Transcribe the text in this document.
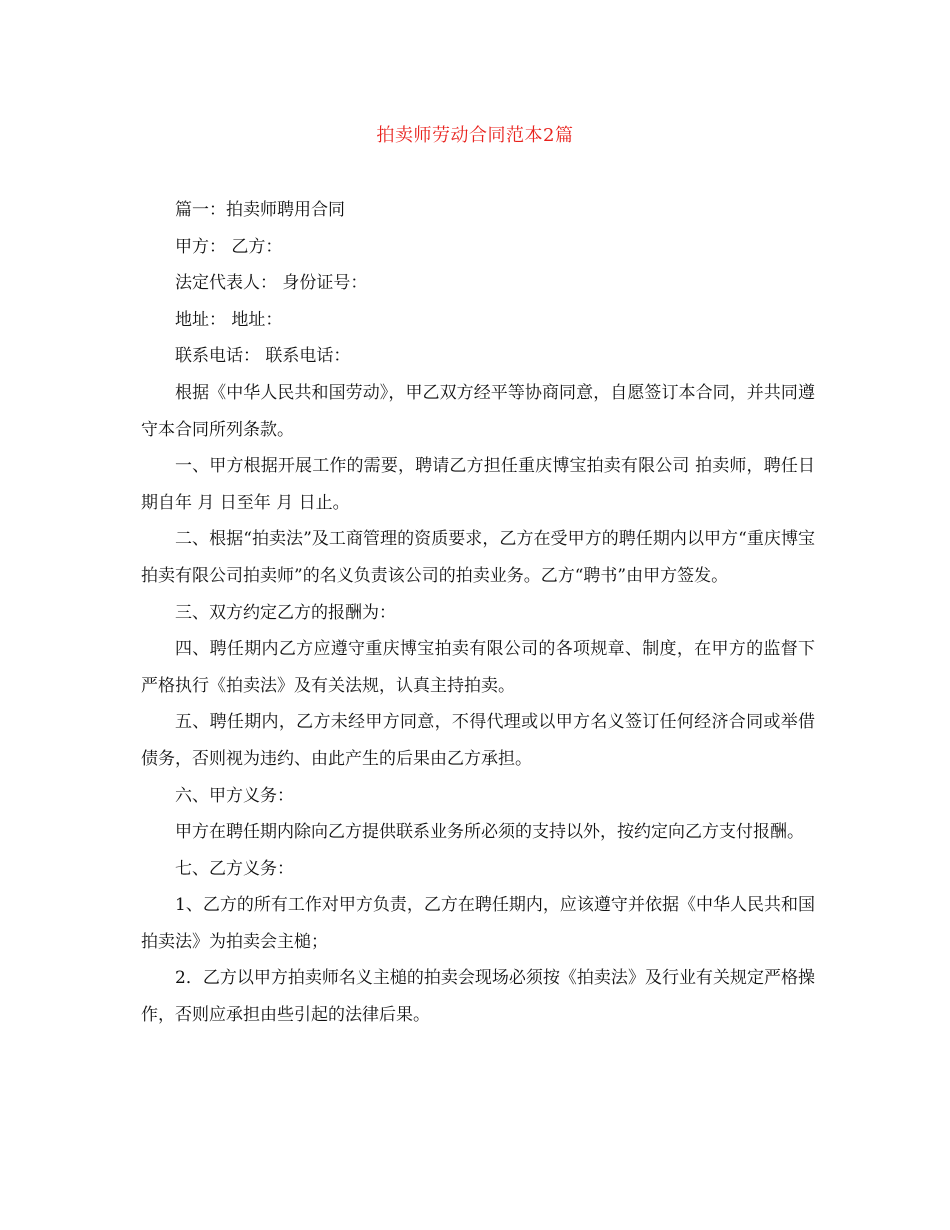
拍卖师劳动合同范本2篇

篇一：拍卖师聘用合同

甲方： 乙方：

法定代表人： 身份证号：

地址： 地址：

联系电话： 联系电话：

根据《中华人民共和国劳动》，甲乙双方经平等协商同意，自愿签订本合同，并共同遵守本合同所列条款。

一、甲方根据开展工作的需要，聘请乙方担任重庆博宝拍卖有限公司 拍卖师，聘任日期自年 月 日至年 月 日止。

二、根据“拍卖法”及工商管理的资质要求，乙方在受甲方的聘任期内以甲方“重庆博宝拍卖有限公司拍卖师”的名义负责该公司的拍卖业务。乙方“聘书”由甲方签发。

三、双方约定乙方的报酬为：

四、聘任期内乙方应遵守重庆博宝拍卖有限公司的各项规章、制度，在甲方的监督下严格执行《拍卖法》及有关法规，认真主持拍卖。

五、聘任期内，乙方未经甲方同意，不得代理或以甲方名义签订任何经济合同或举借债务，否则视为违约、由此产生的后果由乙方承担。

六、甲方义务：

甲方在聘任期内除向乙方提供联系业务所必须的支持以外，按约定向乙方支付报酬。

七、乙方义务：

1、乙方的所有工作对甲方负责，乙方在聘任期内，应该遵守并依据《中华人民共和国拍卖法》为拍卖会主槌；

2．乙方以甲方拍卖师名义主槌的拍卖会现场必须按《拍卖法》及行业有关规定严格操作，否则应承担由些引起的法律后果。
